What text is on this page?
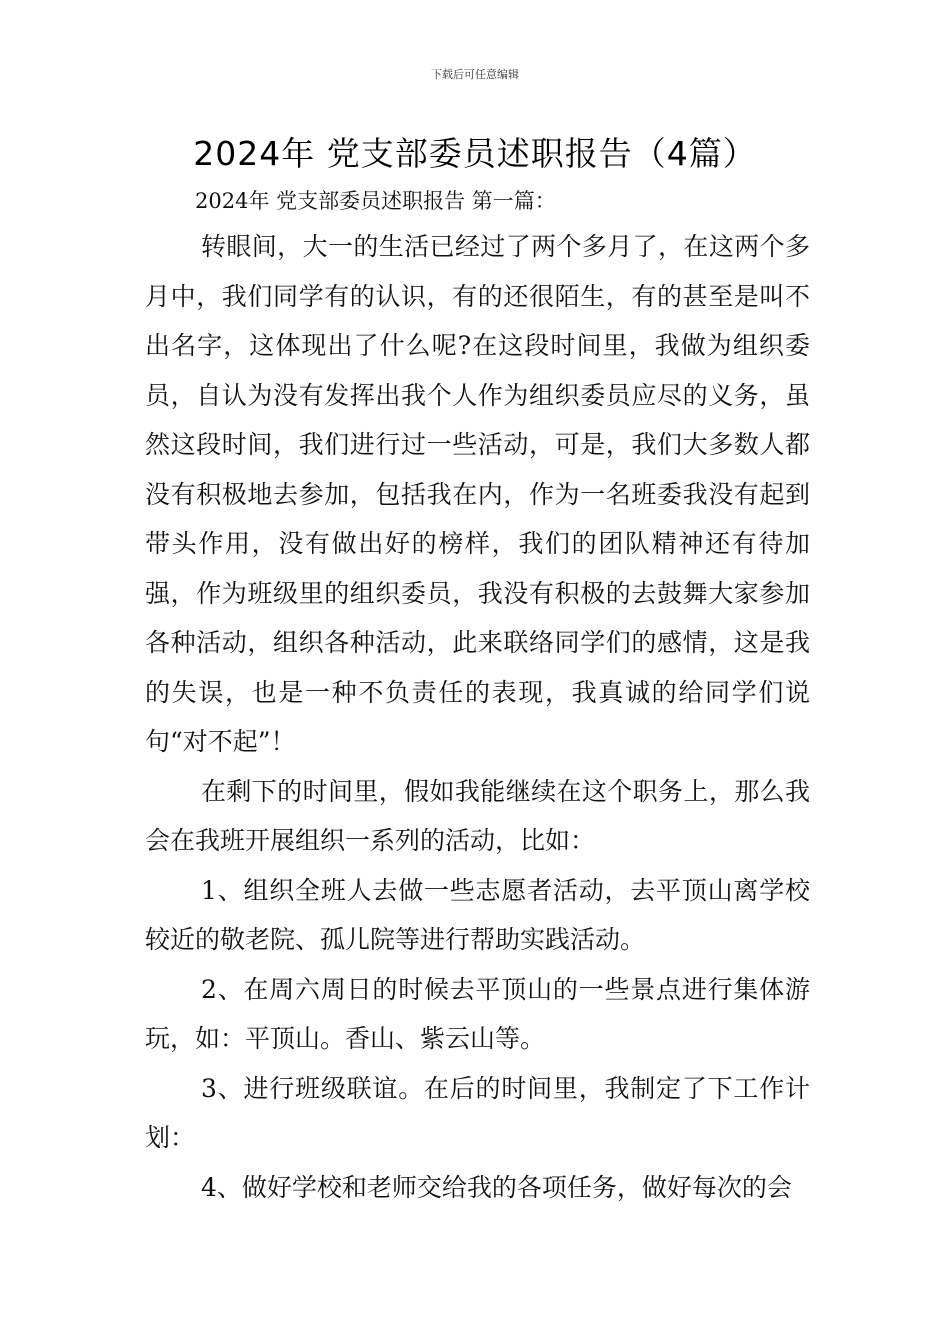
下载后可任意编辑
2024年 党支部委员述职报告（4篇）

2024年 党支部委员述职报告 第一篇：

转眼间，大一的生活已经过了两个多月了，在这两个多月中，我们同学有的认识，有的还很陌生，有的甚至是叫不出名字，这体现出了什么呢?在这段时间里，我做为组织委员，自认为没有发挥出我个人作为组织委员应尽的义务，虽然这段时间，我们进行过一些活动，可是，我们大多数人都没有积极地去参加，包括我在内，作为一名班委我没有起到带头作用，没有做出好的榜样，我们的团队精神还有待加强，作为班级里的组织委员，我没有积极的去鼓舞大家参加各种活动，组织各种活动，此来联络同学们的感情，这是我的失误，也是一种不负责任的表现，我真诚的给同学们说句“对不起”！

在剩下的时间里，假如我能继续在这个职务上，那么我会在我班开展组织一系列的活动，比如：

1、组织全班人去做一些志愿者活动，去平顶山离学校较近的敬老院、孤儿院等进行帮助实践活动。

2、在周六周日的时候去平顶山的一些景点进行集体游玩，如：平顶山。香山、紫云山等。

3、进行班级联谊。在后的时间里，我制定了下工作计划：

4、做好学校和老师交给我的各项任务，做好每次的会
